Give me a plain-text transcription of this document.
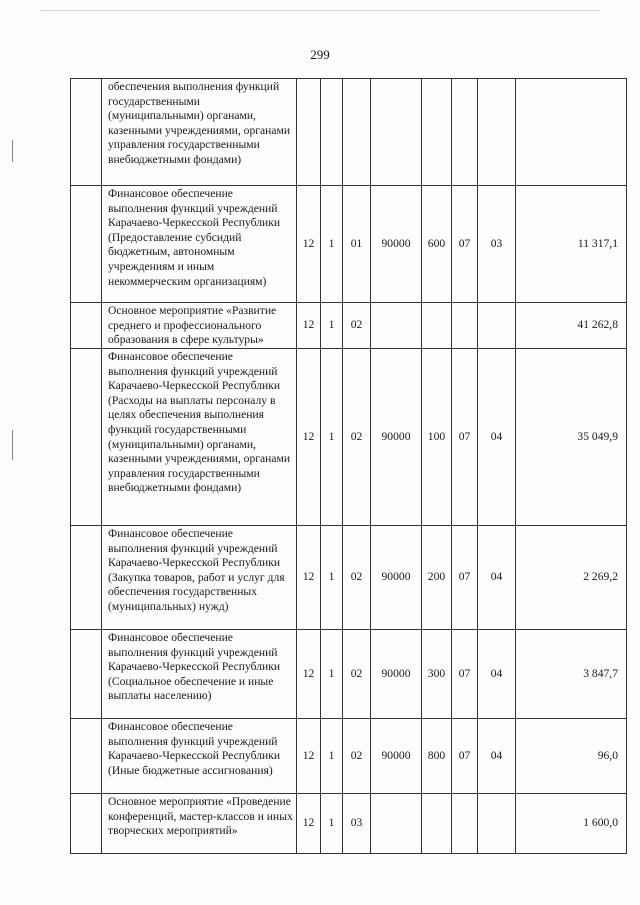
299
	обеспечения выполнения функций государственными (муниципальными) органами, казенными учреждениями, органами управления государственными внебюджетными фондами)								
	Финансовое обеспечение выполнения функций учреждений Карачаево-Черкесской Республики (Предоставление субсидий бюджетным, автономным учреждениям и иным некоммерческим организациям)	12	1	01	90000	600	07	03	11 317,1
	Основное мероприятие «Развитие среднего и профессионального образования в сфере культуры»	12	1	02					41 262,8
	Финансовое обеспечение выполнения функций учреждений Карачаево-Черкесской Республики (Расходы на выплаты персоналу в целях обеспечения выполнения функций государственными (муниципальными) органами, казенными учреждениями, органами управления государственными внебюджетными фондами)	12	1	02	90000	100	07	04	35 049,9
	Финансовое обеспечение выполнения функций учреждений Карачаево-Черкесской Республики (Закупка товаров, работ и услуг для обеспечения государственных (муниципальных) нужд)	12	1	02	90000	200	07	04	2 269,2
	Финансовое обеспечение выполнения функций учреждений Карачаево-Черкесской Республики (Социальное обеспечение и иные выплаты населению)	12	1	02	90000	300	07	04	3 847,7
	Финансовое обеспечение выполнения функций учреждений Карачаево-Черкесской Республики (Иные бюджетные ассигнования)	12	1	02	90000	800	07	04	96,0
	Основное мероприятие «Проведение конференций, мастер-классов и иных творческих мероприятий»	12	1	03					1 600,0
